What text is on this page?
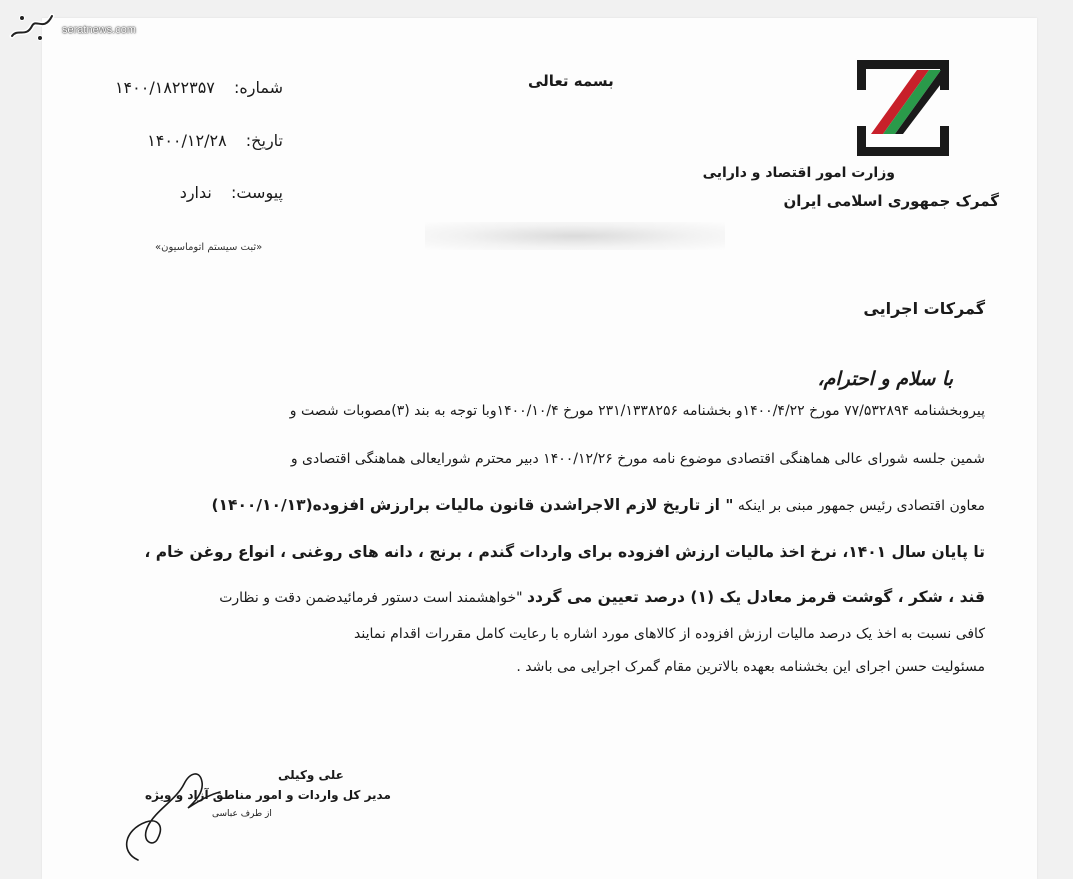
seratnews.com
وزارت امور اقتصاد و دارایی
گمرک جمهوری اسلامی ایران
بسمه تعالی
شماره: ۱۴۰۰/۱۸۲۲۳۵۷
تاریخ: ۱۴۰۰/۱۲/۲۸
پیوست: ندارد
«ثبت سیستم اتوماسیون»
گمرکات اجرایی
با سلام و احترام،
پیروبخشنامه ۷۷/۵۳۲۸۹۴ مورخ ۱۴۰۰/۴/۲۲و بخشنامه ۲۳۱/۱۳۳۸۲۵۶ مورخ ۱۴۰۰/۱۰/۴وبا توجه به بند (۳)مصوبات شصت و
شمین جلسه شورای عالی هماهنگی اقتصادی موضوع نامه مورخ ۱۴۰۰/۱۲/۲۶ دبیر محترم شورایعالی هماهنگی اقتصادی و
معاون اقتصادی رئیس جمهور مبنی بر اینکه " از تاریخ لازم الاجراشدن قانون مالیات برارزش افزوده(۱۴۰۰/۱۰/۱۳)
تا پایان سال ۱۴۰۱، نرخ اخذ مالیات ارزش افزوده برای واردات گندم ، برنج ، دانه های روغنی ، انواع روغن خام ،
قند ، شکر ، گوشت قرمز معادل یک (۱) درصد تعیین می گردد "خواهشمند است دستور فرمائیدضمن دقت و نظارت
کافی نسبت به اخذ یک درصد مالیات ارزش افزوده از کالاهای مورد اشاره با رعایت کامل مقررات اقدام نمایند
مسئولیت حسن اجرای این بخشنامه بعهده بالاترین مقام گمرک اجرایی می باشد .
علی وکیلی
مدیر کل واردات و امور مناطق آزاد و ویژه
از طرف عباسی
